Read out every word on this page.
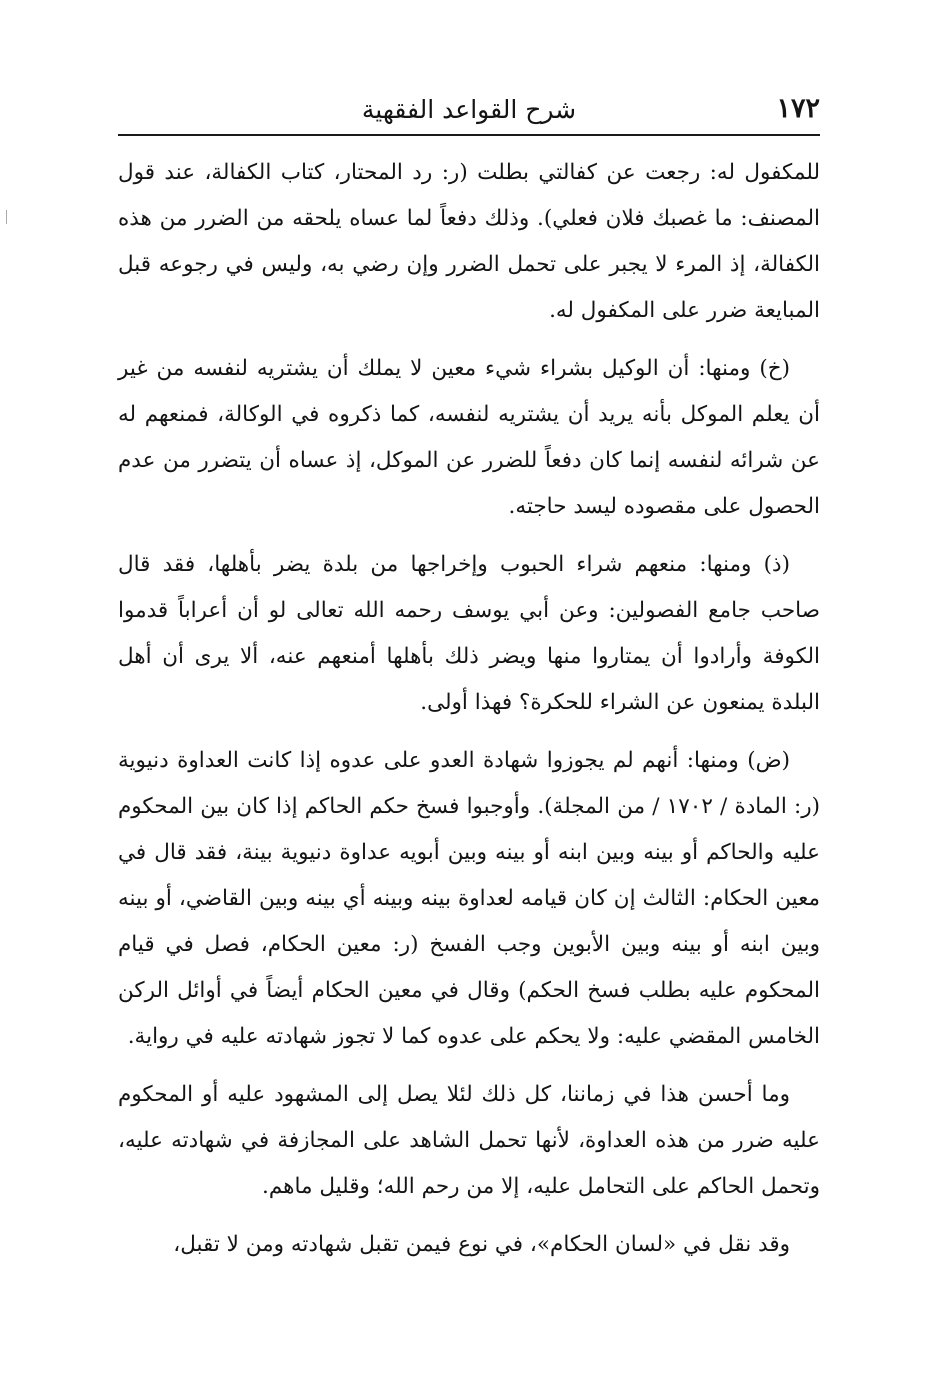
١٧٢
شرح القواعد الفقهية

للمكفول له: رجعت عن كفالتي بطلت (ر: رد المحتار، كتاب الكفالة، عند قول المصنف: ما غصبك فلان فعلي). وذلك دفعاً لما عساه يلحقه من الضرر من هذه الكفالة، إذ المرء لا يجبر على تحمل الضرر وإن رضي به، وليس في رجوعه قبل المبايعة ضرر على المكفول له.

(خ) ومنها: أن الوكيل بشراء شيء معين لا يملك أن يشتريه لنفسه من غير أن يعلم الموكل بأنه يريد أن يشتريه لنفسه، كما ذكروه في الوكالة، فمنعهم له عن شرائه لنفسه إنما كان دفعاً للضرر عن الموكل، إذ عساه أن يتضرر من عدم الحصول على مقصوده ليسد حاجته.

(ذ) ومنها: منعهم شراء الحبوب وإخراجها من بلدة يضر بأهلها، فقد قال صاحب جامع الفصولين: وعن أبي يوسف رحمه الله تعالى لو أن أعراباً قدموا الكوفة وأرادوا أن يمتاروا منها ويضر ذلك بأهلها أمنعهم عنه، ألا يرى أن أهل البلدة يمنعون عن الشراء للحكرة؟ فهذا أولى.

(ض) ومنها: أنهم لم يجوزوا شهادة العدو على عدوه إذا كانت العداوة دنيوية (ر: المادة / ١٧٠٢ / من المجلة). وأوجبوا فسخ حكم الحاكم إذا كان بين المحكوم عليه والحاكم أو بينه وبين ابنه أو بينه وبين أبويه عداوة دنيوية بينة، فقد قال في معين الحكام: الثالث إن كان قيامه لعداوة بينه وبينه أي بينه وبين القاضي، أو بينه وبين ابنه أو بينه وبين الأبوين وجب الفسخ (ر: معين الحكام، فصل في قيام المحكوم عليه بطلب فسخ الحكم) وقال في معين الحكام أيضاً في أوائل الركن الخامس المقضي عليه: ولا يحكم على عدوه كما لا تجوز شهادته عليه في رواية.

وما أحسن هذا في زماننا، كل ذلك لئلا يصل إلى المشهود عليه أو المحكوم عليه ضرر من هذه العداوة، لأنها تحمل الشاهد على المجازفة في شهادته عليه، وتحمل الحاكم على التحامل عليه، إلا من رحم الله؛ وقليل ماهم.

وقد نقل في «لسان الحكام»، في نوع فيمن تقبل شهادته ومن لا تقبل،
